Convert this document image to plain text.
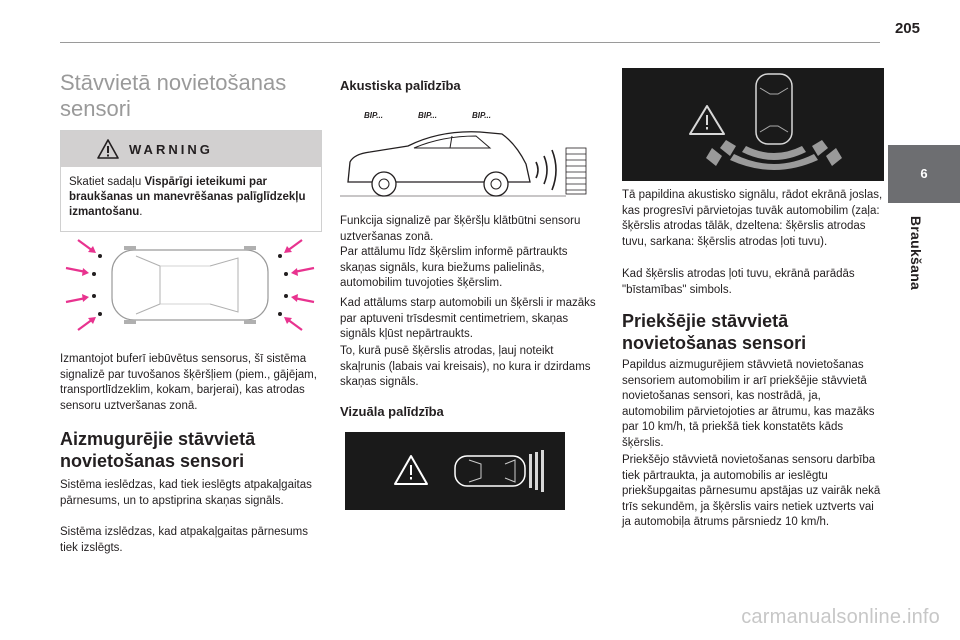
205
6
Braukšana
Stāvvietā novietošanas sensori
WARNING
Skatiet sadaļu Vispārīgi ieteikumi par braukšanas un manevrēšanas palīglīdzekļu izmantošanu.
Izmantojot buferī iebūvētus sensorus, šī sistēma signalizē par tuvošanos šķēršļiem (piem., gājējam, transportlīdzeklim, kokam, barjerai), kas atrodas sensoru uztveršanas zonā.
Aizmugurējie stāvvietā novietošanas sensori
Sistēma ieslēdzas, kad tiek ieslēgts atpakaļgaitas pārnesums, un to apstiprina skaņas signāls.
Sistēma izslēdzas, kad atpakaļgaitas pārnesums tiek izslēgts.
Akustiska palīdzība
BIP...	BIP...	BIP...
Funkcija signalizē par šķēršļu klātbūtni sensoru uztveršanas zonā.
Par attālumu līdz šķērslim informē pārtraukts skaņas signāls, kura biežums palielinās, automobilim tuvojoties šķērslim.
Kad attālums starp automobili un šķērsli ir mazāks par aptuveni trīsdesmit centimetriem, skaņas signāls kļūst nepārtraukts.
To, kurā pusē šķērslis atrodas, ļauj noteikt skaļrunis (labais vai kreisais), no kura ir dzirdams skaņas signāls.
Vizuāla palīdzība
Tā papildina akustisko signālu, rādot ekrānā joslas, kas progresīvi pārvietojas tuvāk automobilim (zaļa: šķērslis atrodas tālāk, dzeltena: šķērslis atrodas tuvu, sarkana: šķērslis atrodas ļoti tuvu).
Kad šķērslis atrodas ļoti tuvu, ekrānā parādās "bīstamības" simbols.
Priekšējie stāvvietā novietošanas sensori
Papildus aizmugurējiem stāvvietā novietošanas sensoriem automobilim ir arī priekšējie stāvvietā novietošanas sensori, kas nostrādā, ja, automobilim pārvietojoties ar ātrumu, kas mazāks par 10 km/h, tā priekšā tiek konstatēts kāds šķērslis.
Priekšējo stāvvietā novietošanas sensoru darbība tiek pārtraukta, ja automobilis ar ieslēgtu priekšupgaitas pārnesumu apstājas uz vairāk nekā trīs sekundēm, ja šķērslis vairs netiek uztverts vai ja automobiļa ātrums pārsniedz 10 km/h.
carmanualsonline.info
